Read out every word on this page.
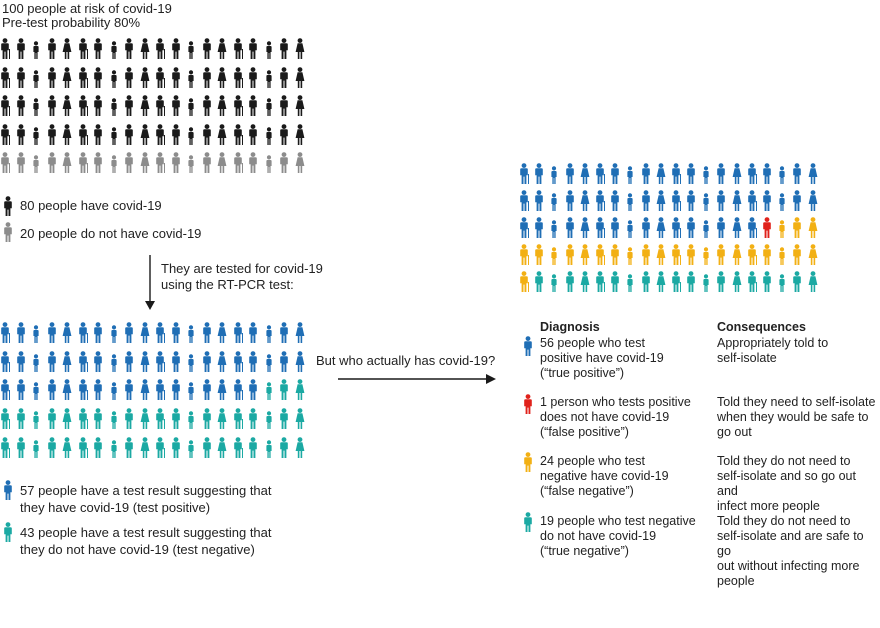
100 people at risk of covid-19
Pre-test probability 80%
80 people have covid-19
20 people do not have covid-19
They are tested for covid-19
using the RT-PCR test:
57 people have a test result suggesting that
they have covid-19 (test positive)
43 people have a test result suggesting that
they do not have covid-19 (test negative)
But who actually has covid-19?
Diagnosis	Consequences
56 people who test
positive have covid-19
(“true positive”)
Appropriately told to
self-isolate
1 person who tests positive
does not have covid-19
(“false positive”)
Told they need to self-isolate
when they would be safe to
go out
24 people who test
negative have covid-19
(“false negative”)
Told they do not need to
self-isolate and so go out and
infect more people
19 people who test negative
do not have covid-19
(“true negative”)
Told they do not need to
self-isolate and are safe to go
out without infecting more
people
